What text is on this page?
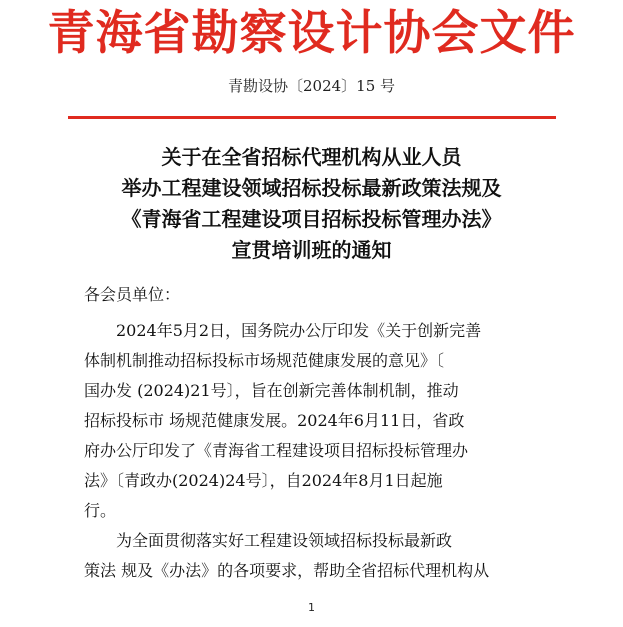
青海省勘察设计协会文件
青勘设协〔2024〕15 号
关于在全省招标代理机构从业人员
举办工程建设领域招标投标最新政策法规及
《青海省工程建设项目招标投标管理办法》
宣贯培训班的通知
各会员单位：
　　2024年5月2日，国务院办公厅印发《关于创新完善
体制机制推动招标投标市场规范健康发展的意见》〔
国办发 (2024)21号〕，旨在创新完善体制机制，推动
招标投标市 场规范健康发展。2024年6月11日，省政
府办公厅印发了《青海省工程建设项目招标投标管理办
法》〔青政办(2024)24号〕，自2024年8月1日起施
行。
　　为全面贯彻落实好工程建设领域招标投标最新政
策法 规及《办法》的各项要求，帮助全省招标代理机构从
1
